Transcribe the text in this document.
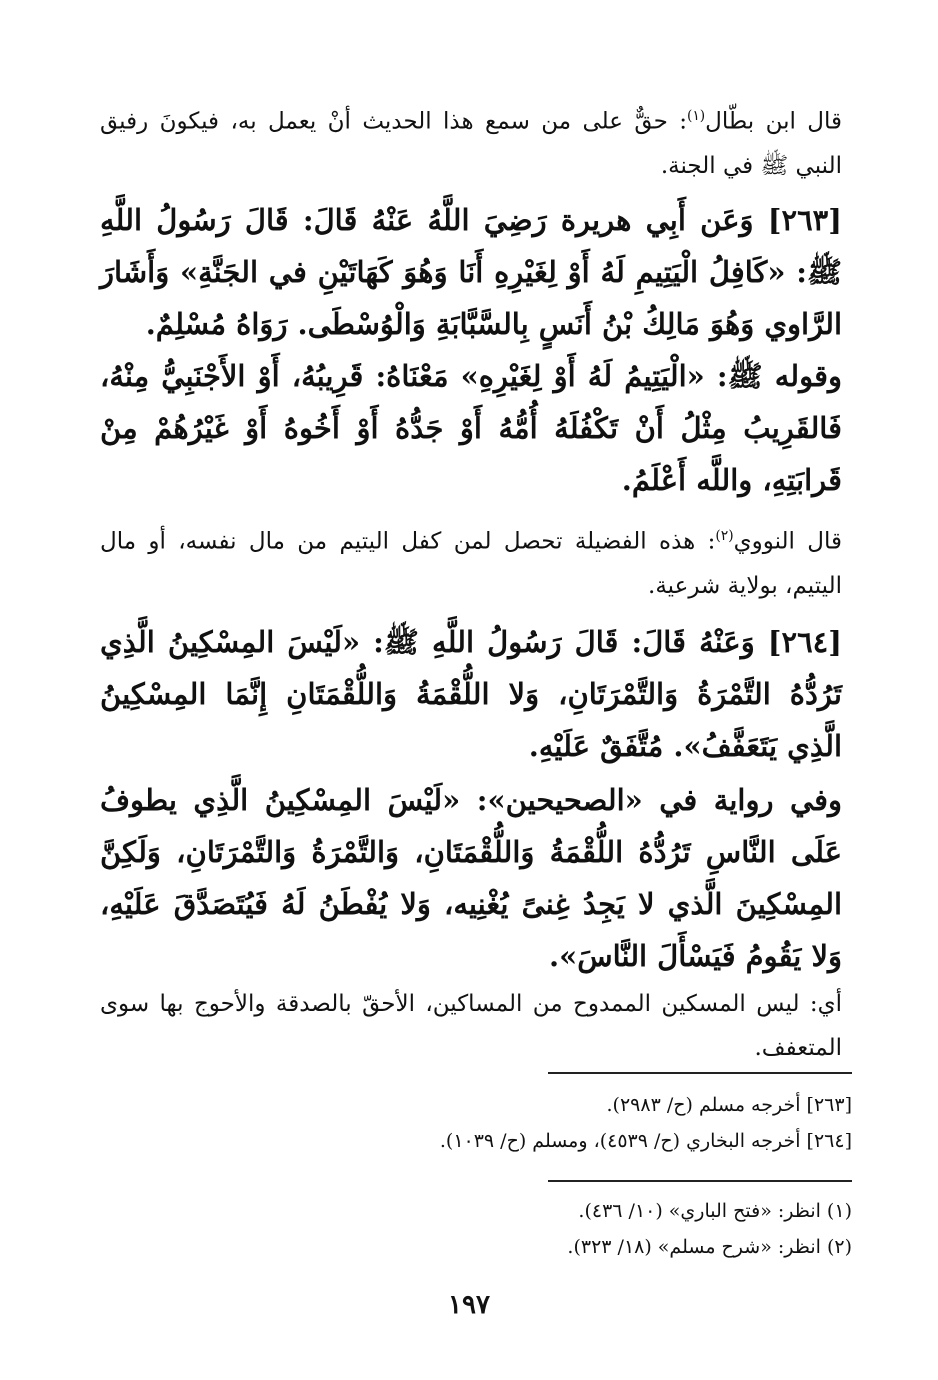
قال ابن بطّال$^{(١)}$: حقٌّ على من سمع هذا الحديث أنْ يعمل به، فيكونَ رفيق النبي ﷺ في الجنة.

[٢٦٣] وَعَن أَبِي هريرة رَضِيَ اللَّهُ عَنْهُ قَالَ: قَالَ رَسُولُ اللَّهِ ﷺ: «كَافِلُ الْيَتِيمِ لَهُ أَوْ لِغَيْرِهِ أَنَا وَهُوَ كَهَاتَيْنِ في الجَنَّةِ» وَأَشَارَ الرَّاوي وَهُوَ مَالِكُ بْنُ أَنَسٍ بِالسَّبَّابَةِ وَالْوُسْطَى. رَوَاهُ مُسْلِمٌ.

وقوله ﷺ: «الْيَتِيمُ لَهُ أَوْ لِغَيْرِهِ» مَعْنَاهُ: قَرِيبُهُ، أَوْ الأَجْنَبِيُّ مِنْهُ، فَالقَرِيبُ مِثْلُ أَنْ تَكْفُلَهُ أُمُّهُ أَوْ جَدُّهُ أَوْ أَخُوهُ أَوْ غَيْرُهُمْ مِنْ قَرابَتِهِ، واللَّه أَعْلَمُ.

قال النووي$^{(٢)}$: هذه الفضيلة تحصل لمن كفل اليتيم من مال نفسه، أو مال اليتيم، بولاية شرعية.

[٢٦٤] وَعَنْهُ قَالَ: قَالَ رَسُولُ اللَّهِ ﷺ: «لَيْسَ المِسْكِينُ الَّذِي تَرُدُّهُ التَّمْرَةُ وَالتَّمْرَتَانِ، وَلا اللُّقْمَةُ وَاللُّقْمَتَانِ إِنَّمَا المِسْكِينُ الَّذِي يَتَعَفَّفُ». مُتَّفَقٌ عَلَيْهِ.

وفي رواية في «الصحيحين»: «لَيْسَ المِسْكِينُ الَّذِي يطوفُ عَلَى النَّاسِ تَرُدُّهُ اللُّقْمَةُ وَاللُّقْمَتَانِ، وَالتَّمْرَةُ وَالتَّمْرَتَانِ، وَلَكِنَّ المِسْكِينَ الَّذي لا يَجِدُ غِنىً يُغْنِيه، وَلا يُفْطَنُ لَهُ فَيُتَصَدَّقَ عَلَيْهِ، وَلا يَقُومُ فَيَسْأَلَ النَّاسَ».

أي: ليس المسكين الممدوح من المساكين، الأحقّ بالصدقة والأحوج بها سوى المتعفف.

[٢٦٣] أخرجه مسلم (ح/ ٢٩٨٣).
[٢٦٤] أخرجه البخاري (ح/ ٤٥٣٩)، ومسلم (ح/ ١٠٣٩).
(١) انظر: «فتح الباري» (١٠/ ٤٣٦).
(٢) انظر: «شرح مسلم» (١٨/ ٣٢٣).
١٩٧
